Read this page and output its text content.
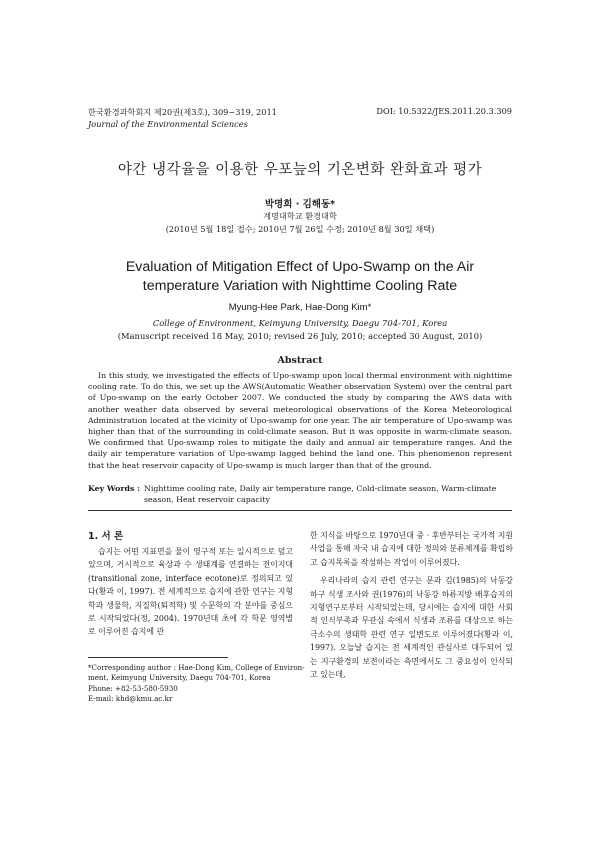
한국환경과학회지 제20권(제3호), 309~319, 2011
Journal of the Environmental Sciences
DOI: 10.5322/JES.2011.20.3.309
야간 냉각율을 이용한 우포늪의 기온변화 완화효과 평가
박명희 · 김해동*
계명대학교 환경대학
(2010년 5월 18일 접수; 2010년 7월 26일 수정; 2010년 8월 30일 채택)
Evaluation of Mitigation Effect of Upo-Swamp on the Air
temperature Variation with Nighttime Cooling Rate
Myung-Hee Park, Hae-Dong Kim*
College of Environment, Keimyung University, Daegu 704-701, Korea
(Manuscript received 18 May, 2010; revised 26 July, 2010; accepted 30 August, 2010)
Abstract
In this study, we investigated the effects of Upo-swamp upon local thermal environment with nighttime cooling rate. To do this, we set up the AWS(Automatic Weather observation System) over the central part of Upo-swamp on the early October 2007. We conducted the study by comparing the AWS data with another weather data observed by several meteorological observations of the Korea Meteorological Administration located at the vicinity of Upo-swamp for one year. The air temperature of Upo-swamp was higher than that of the surrounding in cold-climate season. But it was opposite in warm-climate season. We confirmed that Upo-swamp roles to mitigate the daily and annual air temperature ranges. And the daily air temperature variation of Upo-swamp lagged behind the land one. This phenomenon represent that the heat reservoir capacity of Upo-swamp is much larger than that of the ground.
Key Words : Nighttime cooling rate, Daily air temperature range, Cold-climate season, Warm-climate season, Heat reservoir capacity
1. 서 론

습지는 어떤 지표면을 물이 영구적 또는 일시적으로 덮고 있으며, 거시적으로 육상과 수 생태계를 연결하는 전이지대(transitional zone, interface ecotone)로 정의되고 있다(황과 이, 1997). 전 세계적으로 습지에 관한 연구는 지형학과 생물학, 지질학(퇴적학) 및 수문학의 각 분야를 중심으로 시작되었다(정, 2004). 1970년대 초에 각 학문 영역별로 이루어진 습지에 관

한 지식을 바탕으로 1970년대 중 · 후반부터는 국가적 지원 사업을 통해 자국 내 습지에 대한 정의와 분류체계를 확립하고 습지목록을 작성하는 작업이 이루어졌다.

우리나라의 습지 관련 연구는 문과 김(1985)의 낙동강 하구 식생 조사와 권(1976)의 낙동강 하류지방 배후습지의 지형연구로부터 시작되었는데, 당시에는 습지에 대한 사회적 인식부족과 무관심 속에서 식생과 조류를 대상으로 하는 극소수의 생태학 관련 연구 일변도로 이루어졌다(황과 이, 1997). 오늘날 습지는 전 세계적인 관심사로 대두되어 있는 지구환경의 보전이라는 측면에서도 그 중요성이 인식되고 있는데,

*Corresponding author : Hae-Dong Kim, College of Environ-
ment, Keimyung University, Daegu 704-701, Korea
Phone: +82-53-580-5930
E-mail: khd@kmu.ac.kr
